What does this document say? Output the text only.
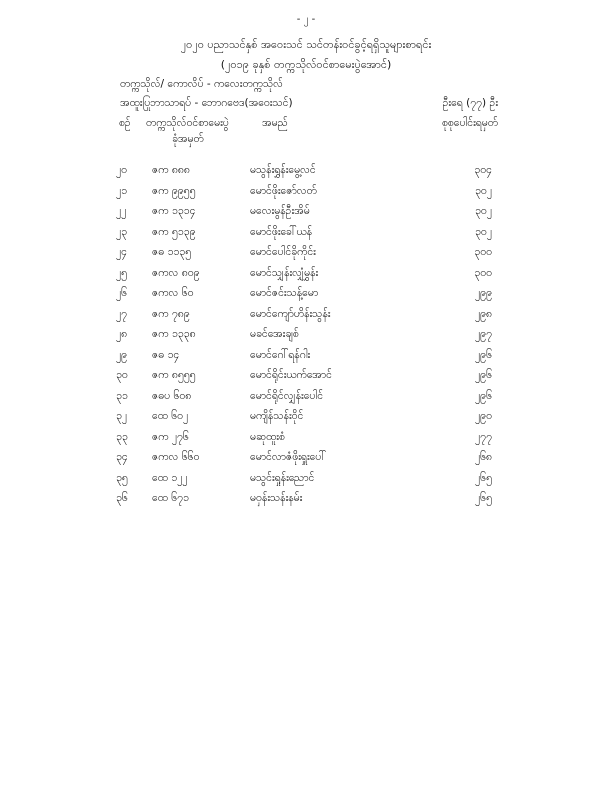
- ၂ -
၂၀၂၀ ပညာသင်နှစ် အဝေးသင် သင်တန်းဝင်ခွင့်ရရှိသူများစာရင်း
(၂၀၁၉ ခုနှစ် တက္ကသိုလ်ဝင်စာမေးပွဲအောင်)
တက္ကသိုလ်/ ကောလိပ် - ကလေးတက္ကသိုလ်
အထူးပြုဘာသာရပ် - ဘောဂဗေဒ(အဝေးသင်)	ဦးရေ (၇၇) ဦး
စဉ် တက္ကသိုလ်ဝင်စာမေးပွဲ
ခုံအမှတ်
အမည်	စုစုပေါင်းရမှတ်
၂၀ ဇက ၈၈၈	မသွန်းရွှန်းမွေ့လင်	၃၀၄
၂၁ ဇက ၉၉၅၅	မောင်ဖိုးဇော်လတ်	၃၀၂
၂၂ ဇက ၁၃၁၄	မလေးမွန်ဦးအိမ်	၃၀၂
၂၃ ဇက ၅၁၃၉	မောင်ဖိုးခေါ်ယန်	၃၀၂
၂၄ ဇဓ ၁၁၃၅	မောင်ပေါင်ခိုကိုင်း	၃၀၀
၂၅ ဇကလ ၈၀၉	မောင်သျှန်းလျှံမွှန်း	၃၀၀
၂၆ ဇကလ ၆၀	မောင်ဇင်းသန့်မော	၂၉၉
၂၇ ဇက ၇၈၉	မောင်ကျော်ဟိန်းသွန်း	၂၉၈
၂၈ ဇက ၁၃၃၈	မခင်အေးချစ်	၂၉၇
၂၉ ဇဓ ၁၄	မောင်ဂေါ်ရန်ဂါး	၂၉၆
၃၀ ဇက ၈၅၅၅	မောင်ရိုင်းယက်အောင်	၂၉၆
၃၁ ဇဓပ ၆၀၈	မောင်ရိုင်လျှန်းပေါင်	၂၉၆
၃၂ ထေ ၆၀၂	မကျိန်သန်းဝိုင်	၂၉၀
၃၃ ဇက ၂၇၆	မဆုထူးစံ	၂၇၇
၃၄ ဇကလ ၆၆၀	မောင်လာဇံဖိုးရှူးပေါ်	၂၆၈
၃၅ ထေ ၁၂၂	မသွင်းရှုန်းညောင်	၂၆၅
၃၆ ထေ ၆၇၁	မဝှန်းသန်းနမ်း	၂၆၅
